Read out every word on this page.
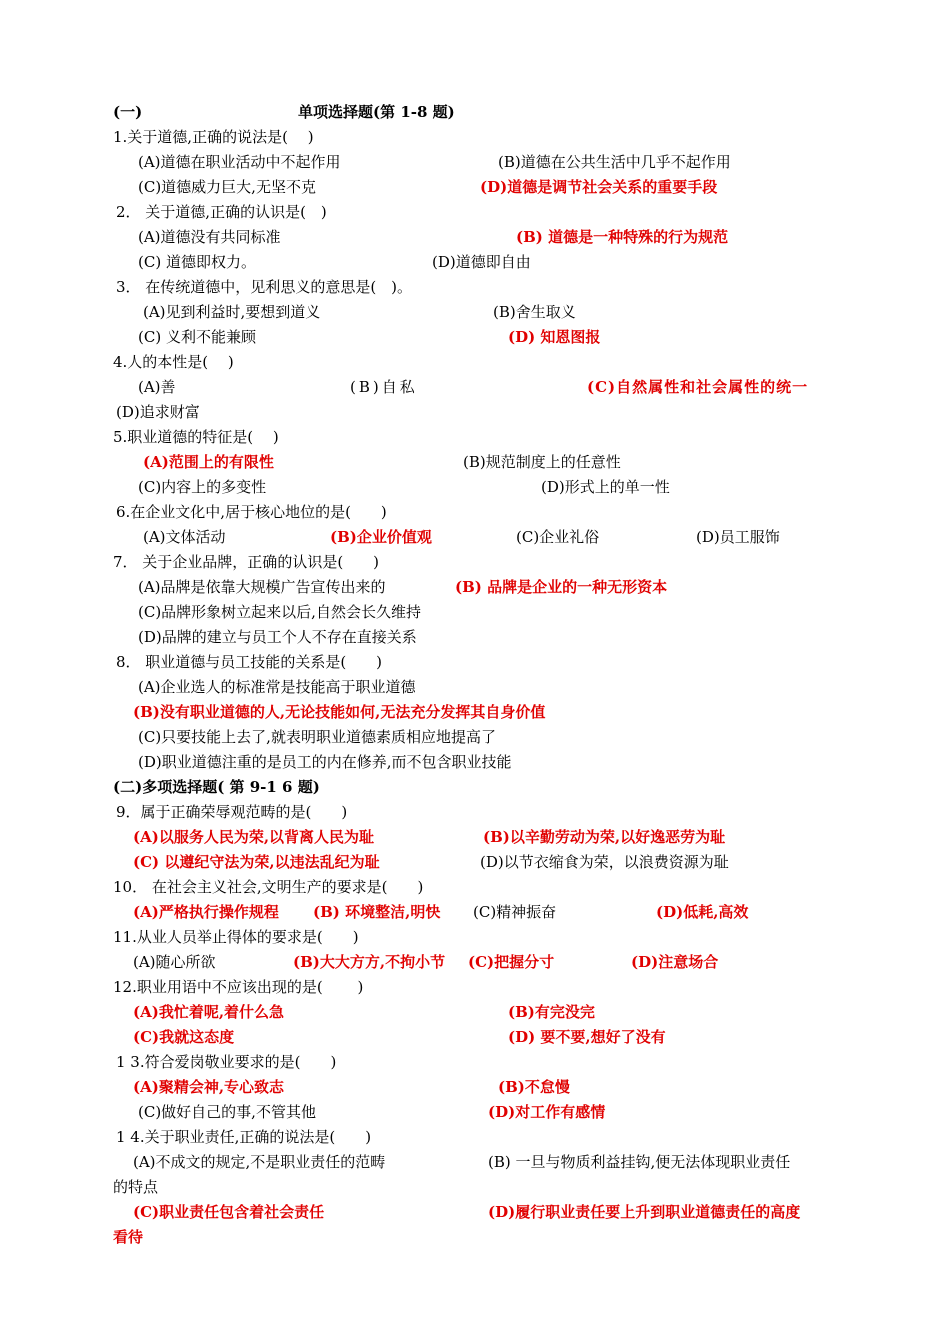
(一)	单项选择题(第 1-8 题)
1.关于道德,正确的说法是(　 )
(A)道德在职业活动中不起作用	(B)道德在公共生活中几乎不起作用
(C)道德威力巨大,无坚不克	(D)道德是调节社会关系的重要手段
2． 关于道德,正确的认识是(　)
(A)道德没有共同标准	(B) 道德是一种特殊的行为规范
(C) 道德即权力。	(D)道德即自由
3． 在传统道德中，见利思义的意思是(　)。
(A)见到利益时,要想到道义	(B)舍生取义
(C) 义利不能兼顾	(D) 知恩图报
4.人的本性是(　 )
(A)善	(B)自私	(C)自然属性和社会属性的统一
(D)追求财富
5.职业道德的特征是(　 )
(A)范围上的有限性	(B)规范制度上的任意性
(C)内容上的多变性	(D)形式上的单一性
6.在企业文化中,居于核心地位的是(　　)
(A)文体活动	(B)企业价值观	(C)企业礼俗	(D)员工服饰
7． 关于企业品牌，正确的认识是(　　)
(A)品牌是依靠大规模广告宣传出来的	(B) 品牌是企业的一种无形资本
(C)品牌形象树立起来以后,自然会长久维持
(D)品牌的建立与员工个人不存在直接关系
8． 职业道德与员工技能的关系是(　　)
(A)企业选人的标准常是技能高于职业道德
(B)没有职业道德的人,无论技能如何,无法充分发挥其自身价值
(C)只要技能上去了,就表明职业道德素质相应地提高了
(D)职业道德注重的是员工的内在修养,而不包含职业技能
(二)多项选择题( 第 9-1 6 题)
9．属于正确荣辱观范畴的是(　　)
(A)以服务人民为荣,以背离人民为耻	(B)以辛勤劳动为荣,以好逸恶劳为耻
(C) 以遵纪守法为荣,以违法乱纪为耻	(D)以节衣缩食为荣，以浪费资源为耻
10． 在社会主义社会,文明生产的要求是(　　)
(A)严格执行操作规程 (B) 环境整洁,明快 (C)精神振奋	(D)低耗,高效
11.从业人员举止得体的要求是(　　)
(A)随心所欲	(B)大大方方,不拘小节 (C)把握分寸	(D)注意场合
12.职业用语中不应该出现的是(　　 )
(A)我忙着呢,着什么急	(B)有完没完
(C)我就这态度	(D) 要不要,想好了没有
1 3.符合爱岗敬业要求的是(　　)
(A)聚精会神,专心致志	(B)不怠慢
(C)做好自己的事,不管其他	(D)对工作有感情
1 4.关于职业责任,正确的说法是(　　)
(A)不成文的规定,不是职业责任的范畴	(B) 一旦与物质利益挂钩,便无法体现职业责任
的特点
(C)职业责任包含着社会责任	(D)履行职业责任要上升到职业道德责任的高度
看待
